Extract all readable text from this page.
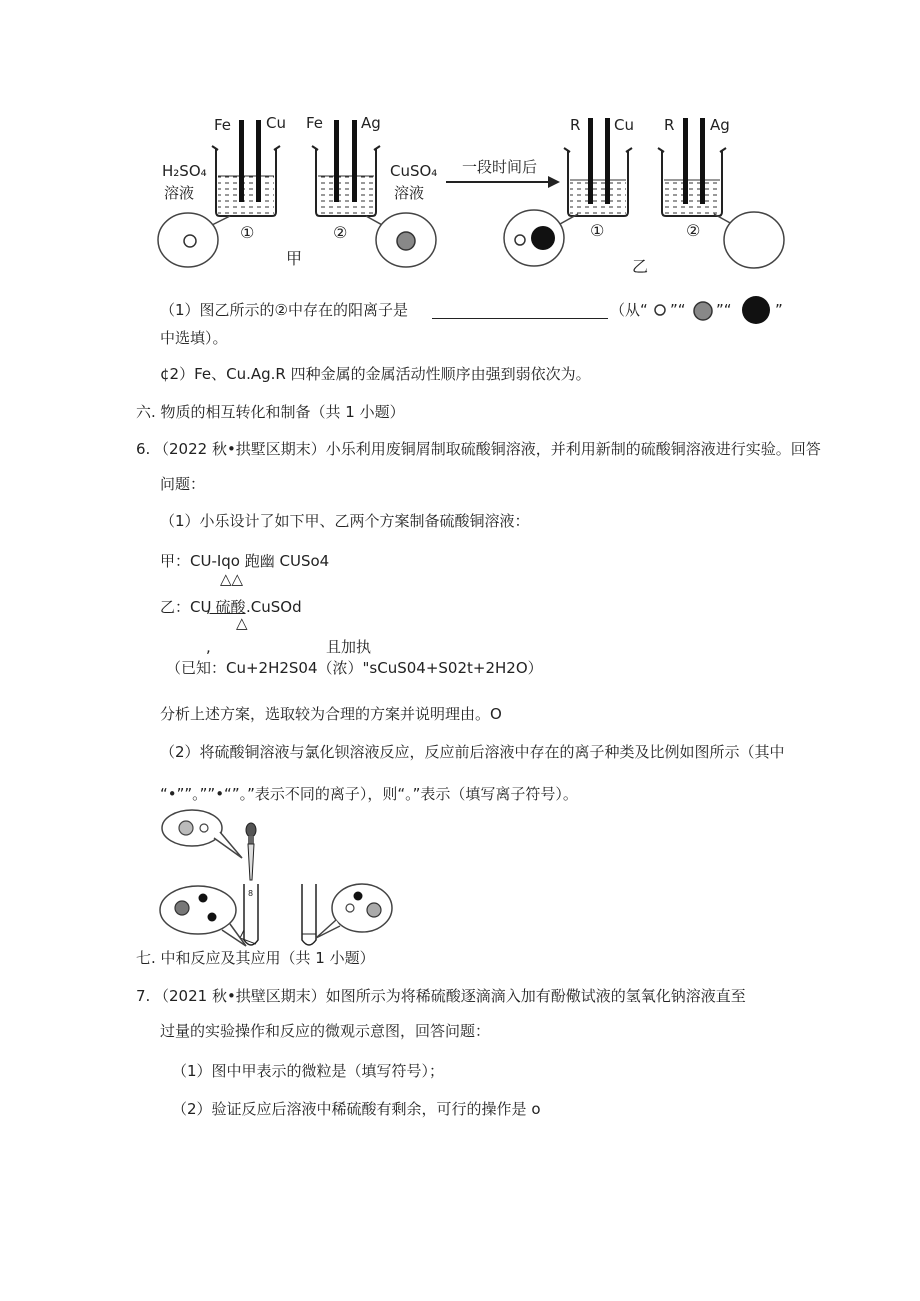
Fe Cu Fe	Ag	R Cu R Ag
H₂SO₄
溶液
CuSO₄
溶液
一段时间后
①	②	①	②
甲	乙
（1）图乙所示的②中存在的阳离子是	（从“ ”“ ”“	”
中选填）。
¢2）Fe、Cu.Ag.R 四种金属的金属活动性顺序由强到弱依次为。
六. 物质的相互转化和制备（共 1 小题）
6. （2022 秋•拱墅区期末）小乐利用废铜屑制取硫酸铜溶液，并利用新制的硫酸铜溶液进行实验。回答
问题：
（1）小乐设计了如下甲、乙两个方案制备硫酸铜溶液：
甲：CU-Iqo 跑幽 CUSo4
△△
乙：CU
, 硫酸 .CuSOd
△
,	且加执
（已知：Cu+2H2S04（浓）"sCuS04+S02t+2H2O）
分析上述方案，选取较为合理的方案并说明理由。O
（2）将硫酸铜溶液与氯化钡溶液反应，反应前后溶液中存在的离子种类及比例如图所示（其中
“•””。””•“”。”表示不同的离子），则“。”表示（填写离子符号）。
8
七. 中和反应及其应用（共 1 小题）
7. （2021 秋•拱壁区期末）如图所示为将稀硫酸逐滴滴入加有酚儆试液的氢氧化钠溶液直至
过量的实验操作和反应的微观示意图，回答问题：
（1）图中甲表示的微粒是（填写符号）；
（2）验证反应后溶液中稀硫酸有剩余，可行的操作是 o
